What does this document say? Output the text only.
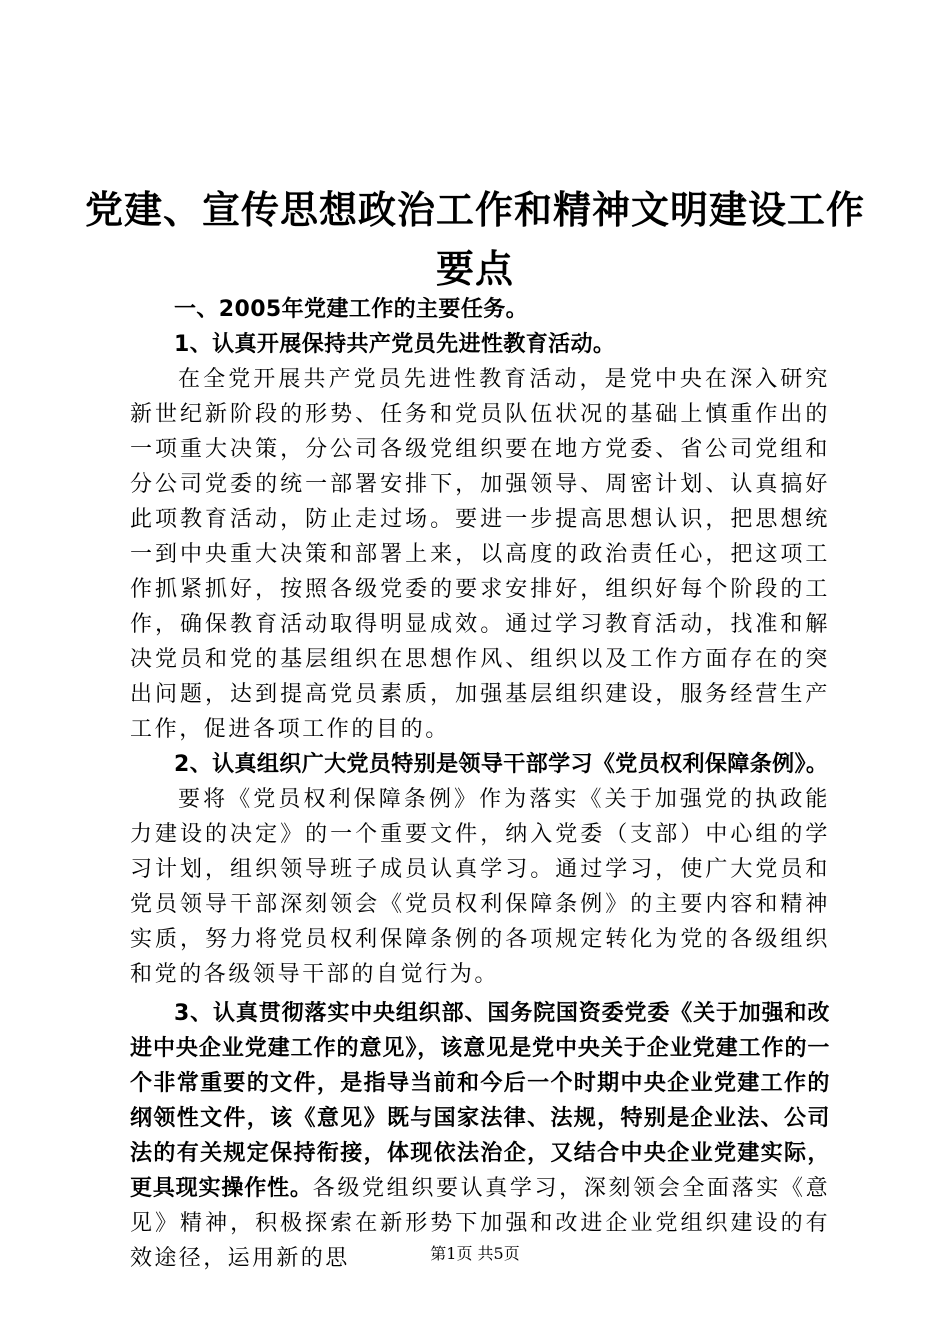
党建、宣传思想政治工作和精神文明建设工作
要点

一、2005年党建工作的主要任务。

1、认真开展保持共产党员先进性教育活动。

在全党开展共产党员先进性教育活动，是党中央在深入研究新世纪新阶段的形势、任务和党员队伍状况的基础上慎重作出的一项重大决策，分公司各级党组织要在地方党委、省公司党组和分公司党委的统一部署安排下，加强领导、周密计划、认真搞好此项教育活动，防止走过场。要进一步提高思想认识，把思想统一到中央重大决策和部署上来，以高度的政治责任心，把这项工作抓紧抓好，按照各级党委的要求安排好，组织好每个阶段的工作，确保教育活动取得明显成效。通过学习教育活动，找准和解决党员和党的基层组织在思想作风、组织以及工作方面存在的突出问题，达到提高党员素质，加强基层组织建设，服务经营生产工作，促进各项工作的目的。

2、认真组织广大党员特别是领导干部学习《党员权利保障条例》。

要将《党员权利保障条例》作为落实《关于加强党的执政能力建设的决定》的一个重要文件，纳入党委（支部）中心组的学习计划，组织领导班子成员认真学习。通过学习，使广大党员和党员领导干部深刻领会《党员权利保障条例》的主要内容和精神实质，努力将党员权利保障条例的各项规定转化为党的各级组织和党的各级领导干部的自觉行为。

3、认真贯彻落实中央组织部、国务院国资委党委《关于加强和改进中央企业党建工作的意见》，该意见是党中央关于企业党建工作的一个非常重要的文件，是指导当前和今后一个时期中央企业党建工作的纲领性文件，该《意见》既与国家法律、法规，特别是企业法、公司法的有关规定保持衔接，体现依法治企，又结合中央企业党建实际，更具现实操作性。各级党组织要认真学习，深刻领会全面落实《意见》精神，积极探索在新形势下加强和改进企业党组织建设的有效途径，运用新的思	第1页 共5页
